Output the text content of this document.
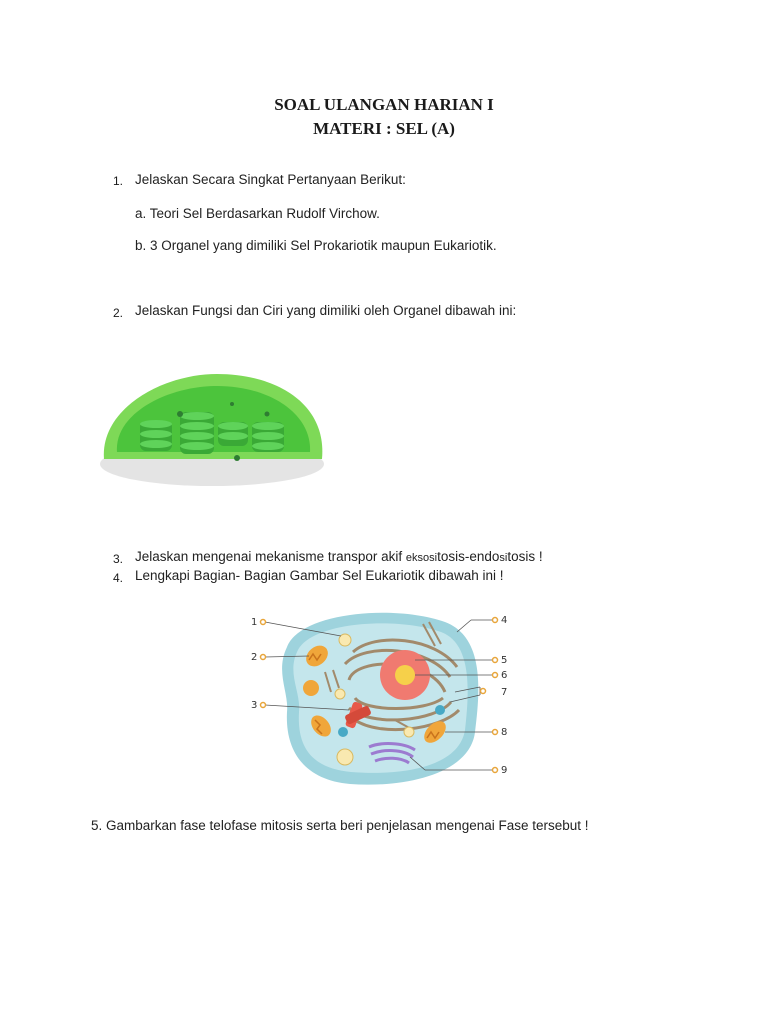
SOAL ULANGAN HARIAN I
MATERI : SEL (A)
1. Jelaskan Secara Singkat Pertanyaan Berikut:
a. Teori Sel Berdasarkan Rudolf Virchow.
b. 3 Organel yang dimiliki Sel Prokariotik maupun Eukariotik.
2. Jelaskan Fungsi dan Ciri yang dimiliki oleh Organel dibawah ini:
3. Jelaskan mengenai mekanisme transpor akif eksositosis-endositosis !
4. Lengkapi Bagian- Bagian Gambar Sel Eukariotik dibawah ini !
1
2
3
4
5
6
7
8
9
5. Gambarkan fase telofase mitosis serta beri penjelasan mengenai Fase tersebut !
